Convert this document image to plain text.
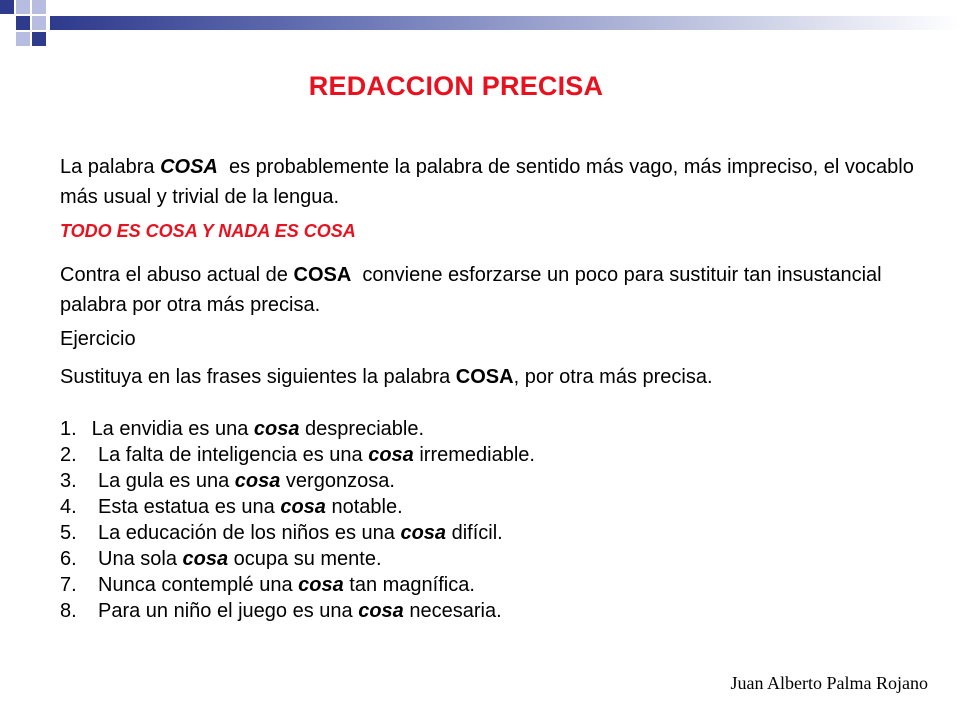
REDACCION PRECISA

La palabra COSA  es probablemente la palabra de sentido más vago, más impreciso, el vocablo más usual y trivial de la lengua.

TODO ES COSA Y NADA ES COSA

Contra el abuso actual de COSA  conviene esforzarse un poco para sustituir tan insustancial palabra por otra más precisa.

Ejercicio

Sustituya en las frases siguientes la palabra COSA, por otra más precisa.

1. La envidia es una cosa despreciable.
2.	La falta de inteligencia es una cosa irremediable.
3.	La gula es una cosa vergonzosa.
4.	Esta estatua es una cosa notable.
5.	La educación de los niños es una cosa difícil.
6.	Una sola cosa ocupa su mente.
7.	Nunca contemplé una cosa tan magnífica.
8.	Para un niño el juego es una cosa necesaria.
Juan Alberto Palma Rojano
